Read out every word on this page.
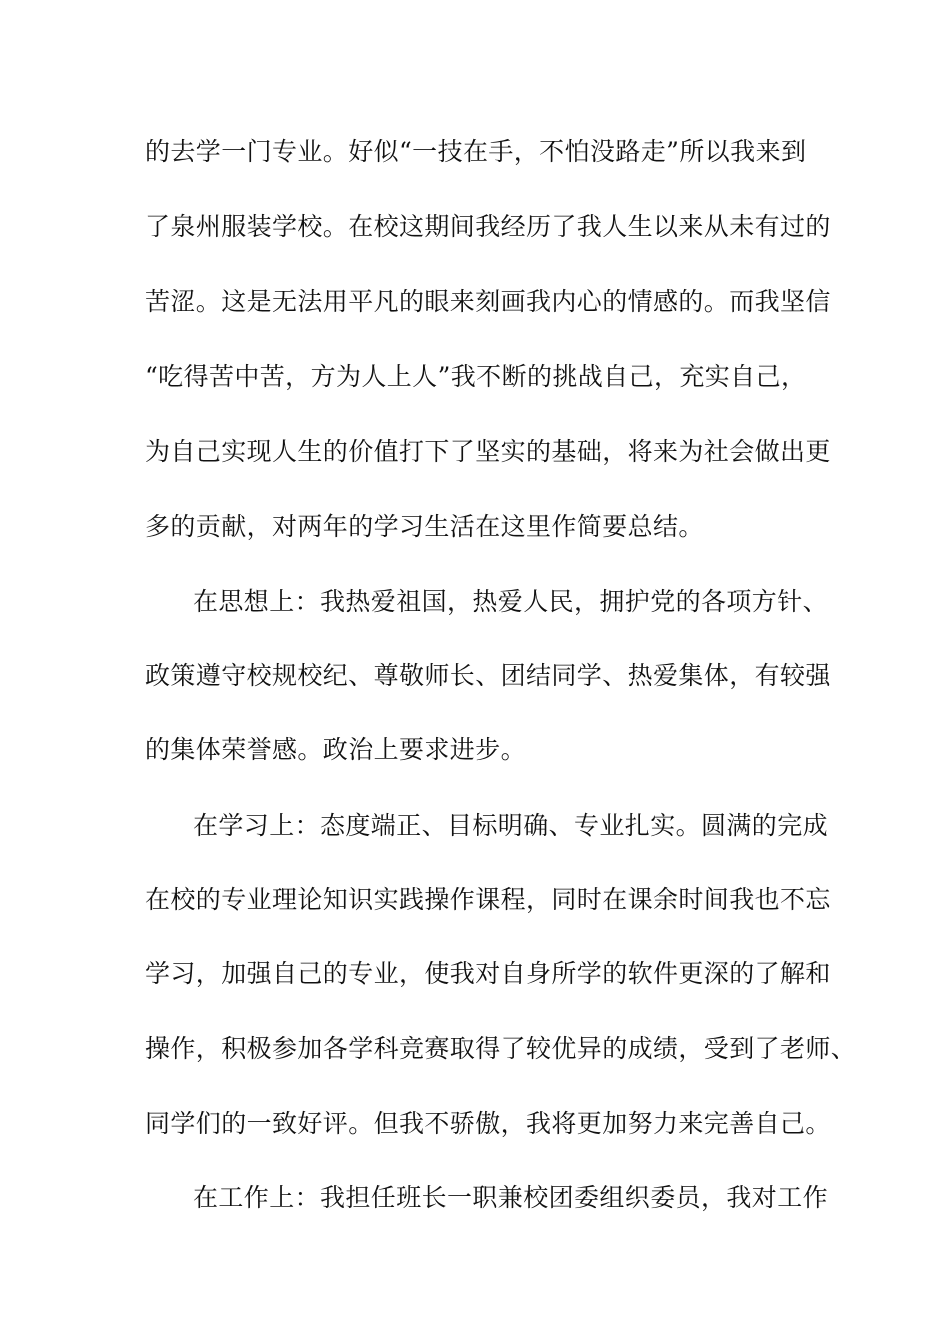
的去学一门专业。好似“一技在手，不怕没路走”所以我来到
了泉州服装学校。在校这期间我经历了我人生以来从未有过的
苦涩。这是无法用平凡的眼来刻画我内心的情感的。而我坚信
“吃得苦中苦，方为人上人”我不断的挑战自己，充实自己，
为自己实现人生的价值打下了坚实的基础，将来为社会做出更
多的贡献，对两年的学习生活在这里作简要总结。
在思想上：我热爱祖国，热爱人民，拥护党的各项方针、
政策遵守校规校纪、尊敬师长、团结同学、热爱集体，有较强
的集体荣誉感。政治上要求进步。
在学习上：态度端正、目标明确、专业扎实。圆满的完成
在校的专业理论知识实践操作课程，同时在课余时间我也不忘
学习，加强自己的专业，使我对自身所学的软件更深的了解和
操作，积极参加各学科竞赛取得了较优异的成绩，受到了老师、
同学们的一致好评。但我不骄傲，我将更加努力来完善自己。
在工作上：我担任班长一职兼校团委组织委员，我对工作
